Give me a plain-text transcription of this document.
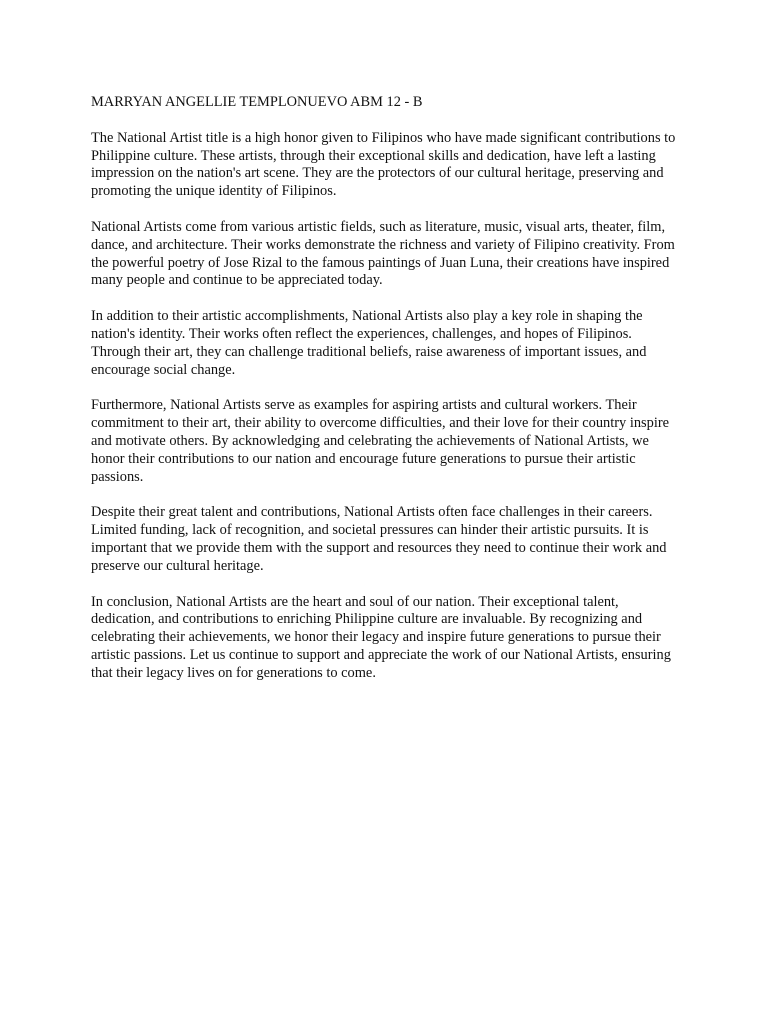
MARRYAN ANGELLIE TEMPLONUEVO ABM 12 - B

The National Artist title is a high honor given to Filipinos who have made significant contributions to Philippine culture. These artists, through their exceptional skills and dedication, have left a lasting impression on the nation's art scene. They are the protectors of our cultural heritage, preserving and promoting the unique identity of Filipinos.

National Artists come from various artistic fields, such as literature, music, visual arts, theater, film, dance, and architecture. Their works demonstrate the richness and variety of Filipino creativity. From the powerful poetry of Jose Rizal to the famous paintings of Juan Luna, their creations have inspired many people and continue to be appreciated today.

In addition to their artistic accomplishments, National Artists also play a key role in shaping the nation's identity. Their works often reflect the experiences, challenges, and hopes of Filipinos. Through their art, they can challenge traditional beliefs, raise awareness of important issues, and encourage social change.

Furthermore, National Artists serve as examples for aspiring artists and cultural workers. Their commitment to their art, their ability to overcome difficulties, and their love for their country inspire and motivate others. By acknowledging and celebrating the achievements of National Artists, we honor their contributions to our nation and encourage future generations to pursue their artistic passions.

Despite their great talent and contributions, National Artists often face challenges in their careers. Limited funding, lack of recognition, and societal pressures can hinder their artistic pursuits. It is important that we provide them with the support and resources they need to continue their work and preserve our cultural heritage.

In conclusion, National Artists are the heart and soul of our nation. Their exceptional talent, dedication, and contributions to enriching Philippine culture are invaluable. By recognizing and celebrating their achievements, we honor their legacy and inspire future generations to pursue their artistic passions. Let us continue to support and appreciate the work of our National Artists, ensuring that their legacy lives on for generations to come.
